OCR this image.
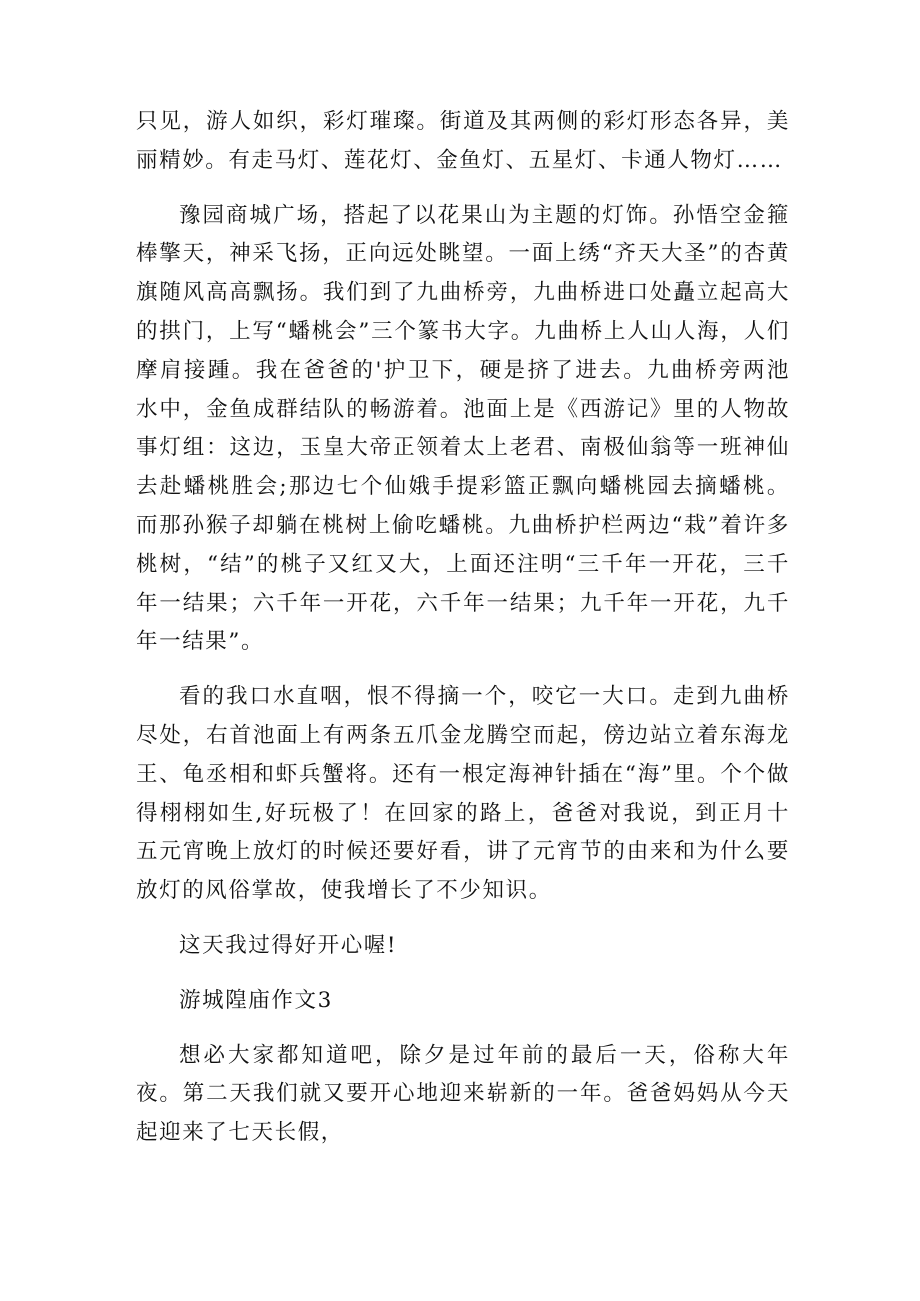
只见，游人如织，彩灯璀璨。街道及其两侧的彩灯形态各异，美丽精妙。有走马灯、莲花灯、金鱼灯、五星灯、卡通人物灯……

豫园商城广场，搭起了以花果山为主题的灯饰。孙悟空金箍棒擎天，神采飞扬，正向远处眺望。一面上绣“齐天大圣”的杏黄旗随风高高飘扬。我们到了九曲桥旁，九曲桥进口处矗立起高大的拱门，上写“蟠桃会”三个篆书大字。九曲桥上人山人海，人们摩肩接踵。我在爸爸的'护卫下，硬是挤了进去。九曲桥旁两池水中，金鱼成群结队的畅游着。池面上是《西游记》里的人物故事灯组：这边，玉皇大帝正领着太上老君、南极仙翁等一班神仙去赴蟠桃胜会;那边七个仙娥手提彩篮正飘向蟠桃园去摘蟠桃。而那孙猴子却躺在桃树上偷吃蟠桃。九曲桥护栏两边“栽”着许多桃树，“结”的桃子又红又大，上面还注明“三千年一开花，三千年一结果；六千年一开花，六千年一结果；九千年一开花，九千年一结果”。

看的我口水直咽，恨不得摘一个，咬它一大口。走到九曲桥尽处，右首池面上有两条五爪金龙腾空而起，傍边站立着东海龙王、龟丞相和虾兵蟹将。还有一根定海神针插在“海”里。个个做得栩栩如生,好玩极了！在回家的路上，爸爸对我说，到正月十五元宵晚上放灯的时候还要好看，讲了元宵节的由来和为什么要放灯的风俗掌故，使我增长了不少知识。

这天我过得好开心喔!

游城隍庙作文3

想必大家都知道吧，除夕是过年前的最后一天，俗称大年夜。第二天我们就又要开心地迎来崭新的一年。爸爸妈妈从今天起迎来了七天长假，
